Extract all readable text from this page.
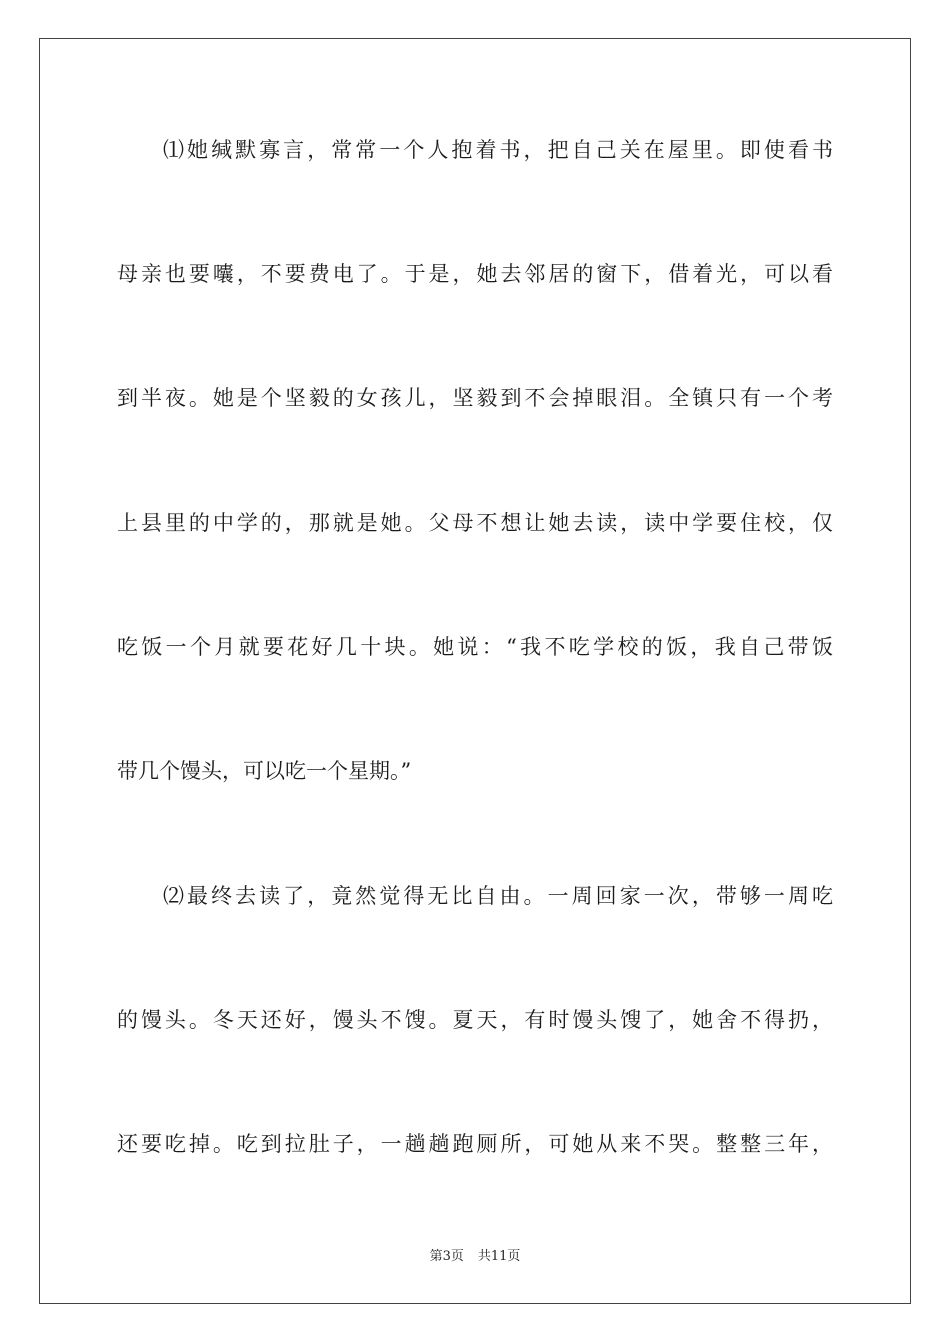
⑴她缄默寡言，常常一个人抱着书，把自己关在屋里。即使看书
母亲也要囔，不要费电了。于是，她去邻居的窗下，借着光，可以看
到半夜。她是个坚毅的女孩儿，坚毅到不会掉眼泪。全镇只有一个考
上县里的中学的，那就是她。父母不想让她去读，读中学要住校，仅
吃饭一个月就要花好几十块。她说：“我不吃学校的饭，我自己带饭
带几个馒头，可以吃一个星期。”
⑵最终去读了，竟然觉得无比自由。一周回家一次，带够一周吃
的馒头。冬天还好，馒头不馊。夏天，有时馒头馊了，她舍不得扔，
还要吃掉。吃到拉肚子，一趟趟跑厕所，可她从来不哭。整整三年，
第3页 共11页
